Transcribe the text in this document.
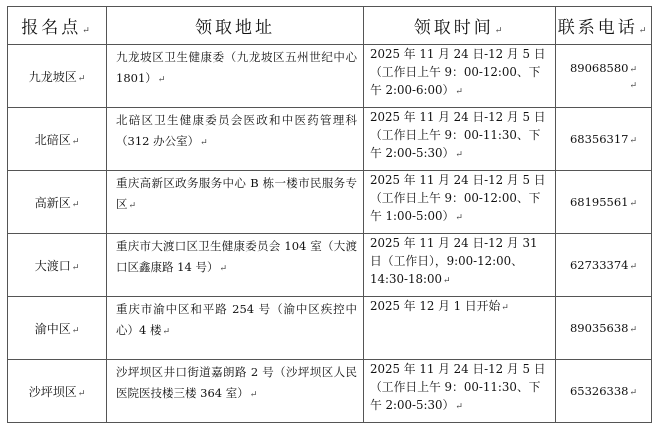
报名点↵	领取地址	领取时间↵	联系电话↵
九龙坡区↵	九龙坡区卫生健康委（九龙坡区五州世纪中心 1801）↵	2025 年 11 月 24 日-12 月 5 日（工作日上午 9：00-12:00、下午 2:00-6:00）↵	89068580↵
↵

北碚区↵	北碚区卫生健康委员会医政和中医药管理科（312 办公室）↵	2025 年 11 月 24 日-12 月 5 日（工作日上午 9：00-11:30、下午 2:00-5:30）↵	68356317↵
高新区↵	重庆高新区政务服务中心 B 栋一楼市民服务专区↵	2025 年 11 月 24 日-12 月 5 日（工作日上午 9：00-12:00、下午 1:00-5:00）↵	68195561↵
大渡口↵	重庆市大渡口区卫生健康委员会 104 室（大渡口区鑫康路 14 号）↵	2025 年 11 月 24 日-12 月 31 日（工作日），9:00-12:00、14:30-18:00↵	62733374↵
渝中区↵	重庆市渝中区和平路 254 号（渝中区疾控中心）4 楼↵	2025 年 12 月 1 日开始↵	89035638↵
沙坪坝区↵	沙坪坝区井口街道嘉朗路 2 号（沙坪坝区人民医院医技楼三楼 364 室）↵	2025 年 11 月 24 日-12 月 5 日（工作日上午 9：00-11:30、下午 2:00-5:30）↵	65326338↵
